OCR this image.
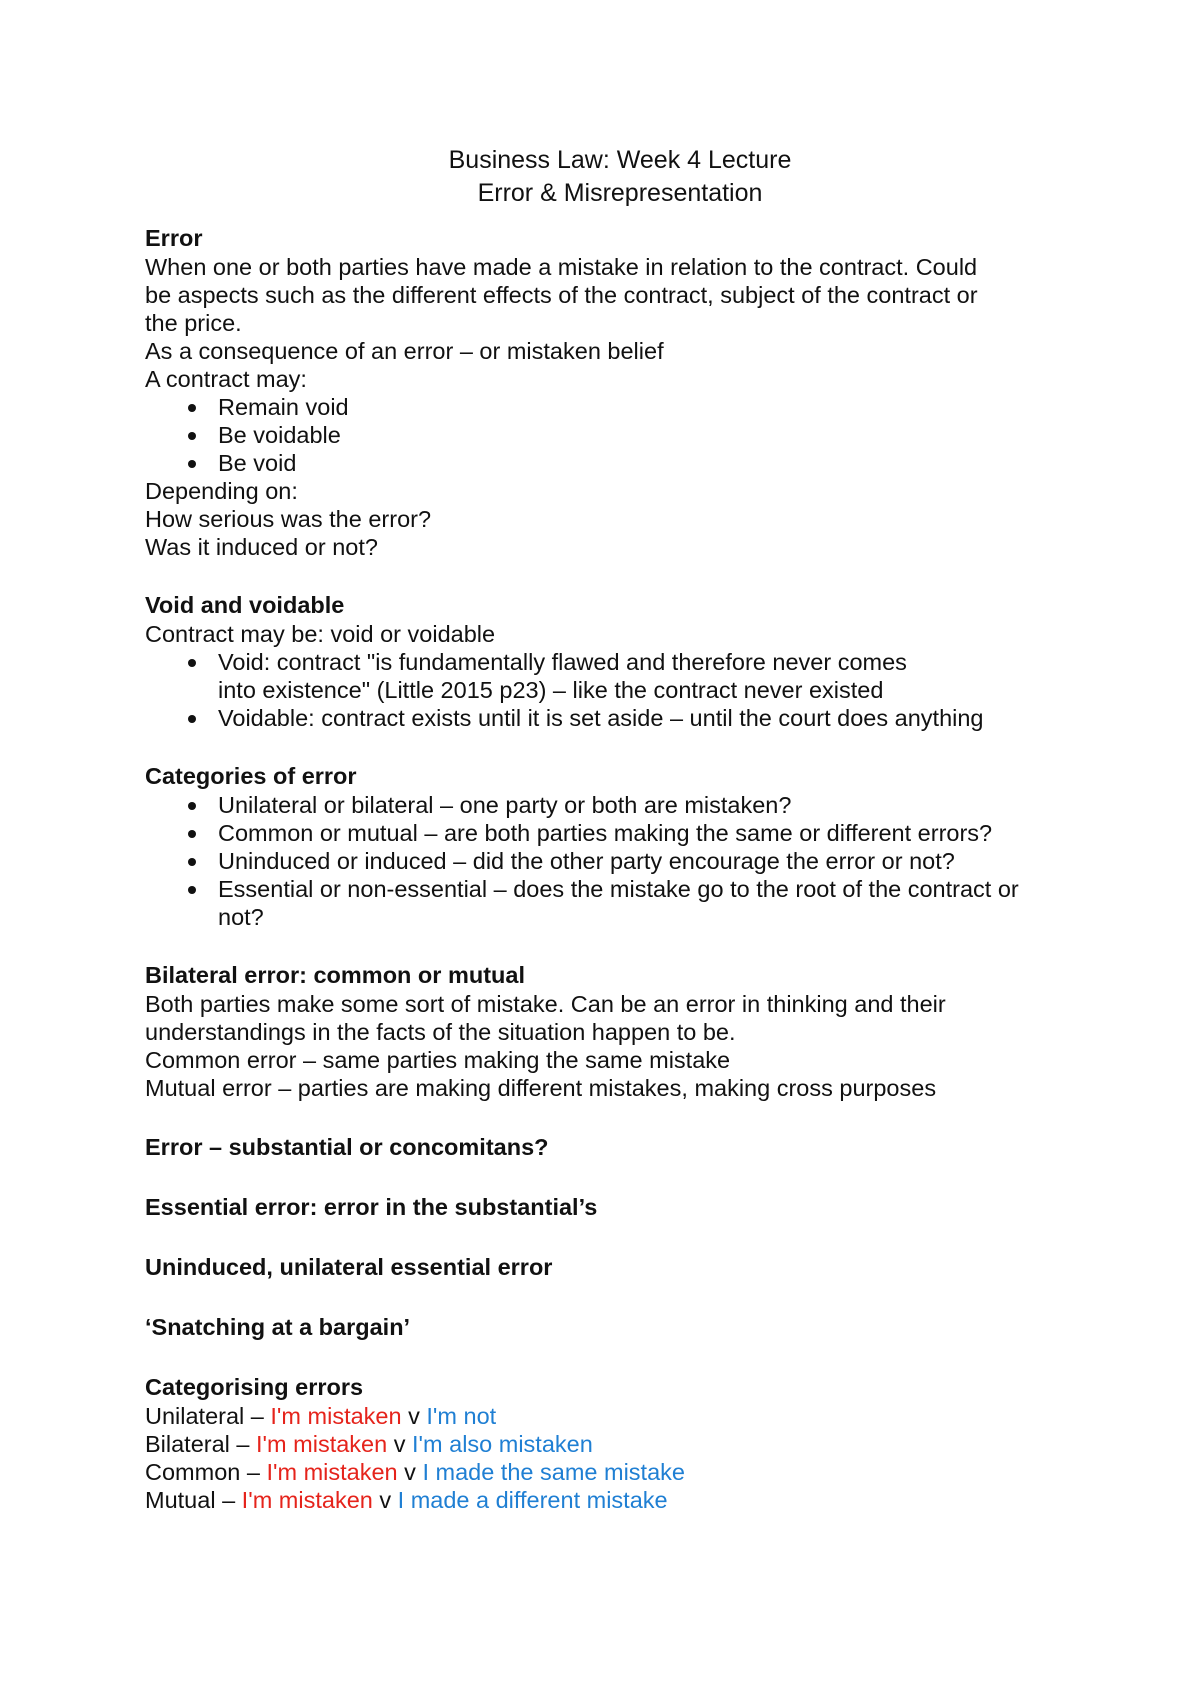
Business Law: Week 4 Lecture

Error & Misrepresentation

Error

When one or both parties have made a mistake in relation to the contract. Could be aspects such as the different effects of the contract, subject of the contract or the price.

As a consequence of an error – or mistaken belief

A contract may:

Remain void
Be voidable
Be void

Depending on:

How serious was the error?

Was it induced or not?

Void and voidable

Contract may be: void or voidable

Void: contract "is fundamentally flawed and therefore never comes into existence" (Little 2015 p23) – like the contract never existed
Voidable: contract exists until it is set aside – until the court does anything

Categories of error

Unilateral or bilateral – one party or both are mistaken?
Common or mutual – are both parties making the same or different errors?
Uninduced or induced – did the other party encourage the error or not?
Essential or non-essential – does the mistake go to the root of the contract or not?

Bilateral error: common or mutual

Both parties make some sort of mistake. Can be an error in thinking and their understandings in the facts of the situation happen to be.

Common error – same parties making the same mistake

Mutual error – parties are making different mistakes, making cross purposes

Error – substantial or concomitans?

Essential error: error in the substantial’s

Uninduced, unilateral essential error

‘Snatching at a bargain’

Categorising errors

Unilateral – I'm mistaken v I'm not

Bilateral – I'm mistaken v I'm also mistaken

Common – I'm mistaken v I made the same mistake

Mutual – I'm mistaken v I made a different mistake
